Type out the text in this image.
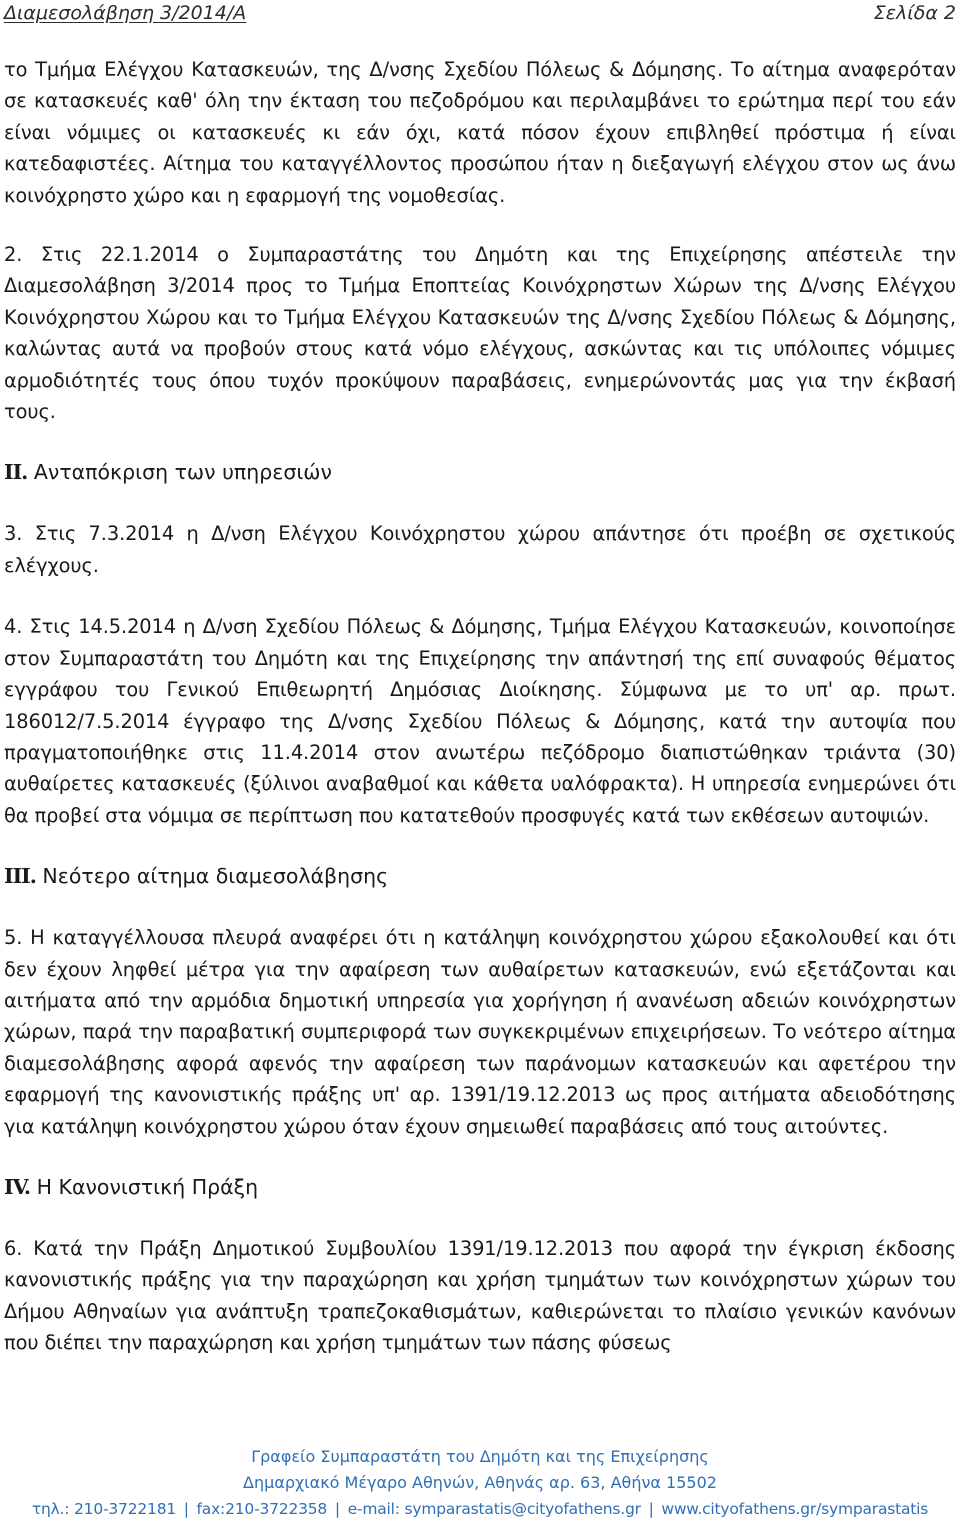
Διαμεσολάβηση 3/2014/Α	Σελίδα 2

το Τμήμα Ελέγχου Κατασκευών, της Δ/νσης Σχεδίου Πόλεως & Δόμησης. Το αίτημα αναφερόταν σε κατασκευές καθ' όλη την έκταση του πεζοδρόμου και περιλαμβάνει το ερώτημα περί του εάν είναι νόμιμες οι κατασκευές κι εάν όχι, κατά πόσον έχουν επιβληθεί πρόστιμα ή είναι κατεδαφιστέες. Αίτημα του καταγγέλλοντος προσώπου ήταν η διεξαγωγή ελέγχου στον ως άνω κοινόχρηστο χώρο και η εφαρμογή της νομοθεσίας.

2. Στις 22.1.2014 ο Συμπαραστάτης του Δημότη και της Επιχείρησης απέστειλε την Διαμεσολάβηση 3/2014 προς το Τμήμα Εποπτείας Κοινόχρηστων Χώρων της Δ/νσης Ελέγχου Κοινόχρηστου Χώρου και το Τμήμα Ελέγχου Κατασκευών της Δ/νσης Σχεδίου Πόλεως & Δόμησης, καλώντας αυτά να προβούν στους κατά νόμο ελέγχους, ασκώντας και τις υπόλοιπες νόμιμες αρμοδιότητές τους όπου τυχόν προκύψουν παραβάσεις, ενημερώνοντάς μας για την έκβασή τους.

II. Ανταπόκριση των υπηρεσιών

3. Στις 7.3.2014 η Δ/νση Ελέγχου Κοινόχρηστου χώρου απάντησε ότι προέβη σε σχετικούς ελέγχους.

4. Στις 14.5.2014 η Δ/νση Σχεδίου Πόλεως & Δόμησης, Τμήμα Ελέγχου Κατασκευών, κοινοποίησε στον Συμπαραστάτη του Δημότη και της Επιχείρησης την απάντησή της επί συναφούς θέματος εγγράφου του Γενικού Επιθεωρητή Δημόσιας Διοίκησης. Σύμφωνα με το υπ' αρ. πρωτ. 186012/7.5.2014 έγγραφο της Δ/νσης Σχεδίου Πόλεως & Δόμησης, κατά την αυτοψία που πραγματοποιήθηκε στις 11.4.2014 στον ανωτέρω πεζόδρομο διαπιστώθηκαν τριάντα (30) αυθαίρετες κατασκευές (ξύλινοι αναβαθμοί και κάθετα υαλόφρακτα). Η υπηρεσία ενημερώνει ότι θα προβεί στα νόμιμα σε περίπτωση που κατατεθούν προσφυγές κατά των εκθέσεων αυτοψιών.

III. Νεότερο αίτημα διαμεσολάβησης

5. Η καταγγέλλουσα πλευρά αναφέρει ότι η κατάληψη κοινόχρηστου χώρου εξακολουθεί και ότι δεν έχουν ληφθεί μέτρα για την αφαίρεση των αυθαίρετων κατασκευών, ενώ εξετάζονται και αιτήματα από την αρμόδια δημοτική υπηρεσία για χορήγηση ή ανανέωση αδειών κοινόχρηστων χώρων, παρά την παραβατική συμπεριφορά των συγκεκριμένων επιχειρήσεων. Το νεότερο αίτημα διαμεσολάβησης αφορά αφενός την αφαίρεση των παράνομων κατασκευών και αφετέρου την εφαρμογή της κανονιστικής πράξης υπ' αρ. 1391/19.12.2013 ως προς αιτήματα αδειοδότησης για κατάληψη κοινόχρηστου χώρου όταν έχουν σημειωθεί παραβάσεις από τους αιτούντες.

IV. Η Κανονιστική Πράξη

6. Κατά την Πράξη Δημοτικού Συμβουλίου 1391/19.12.2013 που αφορά την έγκριση έκδοσης κανονιστικής πράξης για την παραχώρηση και χρήση τμημάτων των κοινόχρηστων χώρων του Δήμου Αθηναίων για ανάπτυξη τραπεζοκαθισμάτων, καθιερώνεται το πλαίσιο γενικών κανόνων που διέπει την παραχώρηση και χρήση τμημάτων των πάσης φύσεως

Γραφείο Συμπαραστάτη του Δημότη και της Επιχείρησης
Δημαρχιακό Μέγαρο Αθηνών, Αθηνάς αρ. 63, Αθήνα 15502
τηλ.: 210-3722181 | fax:210-3722358 | e-mail: symparastatis@cityofathens.gr | www.cityofathens.gr/symparastatis
